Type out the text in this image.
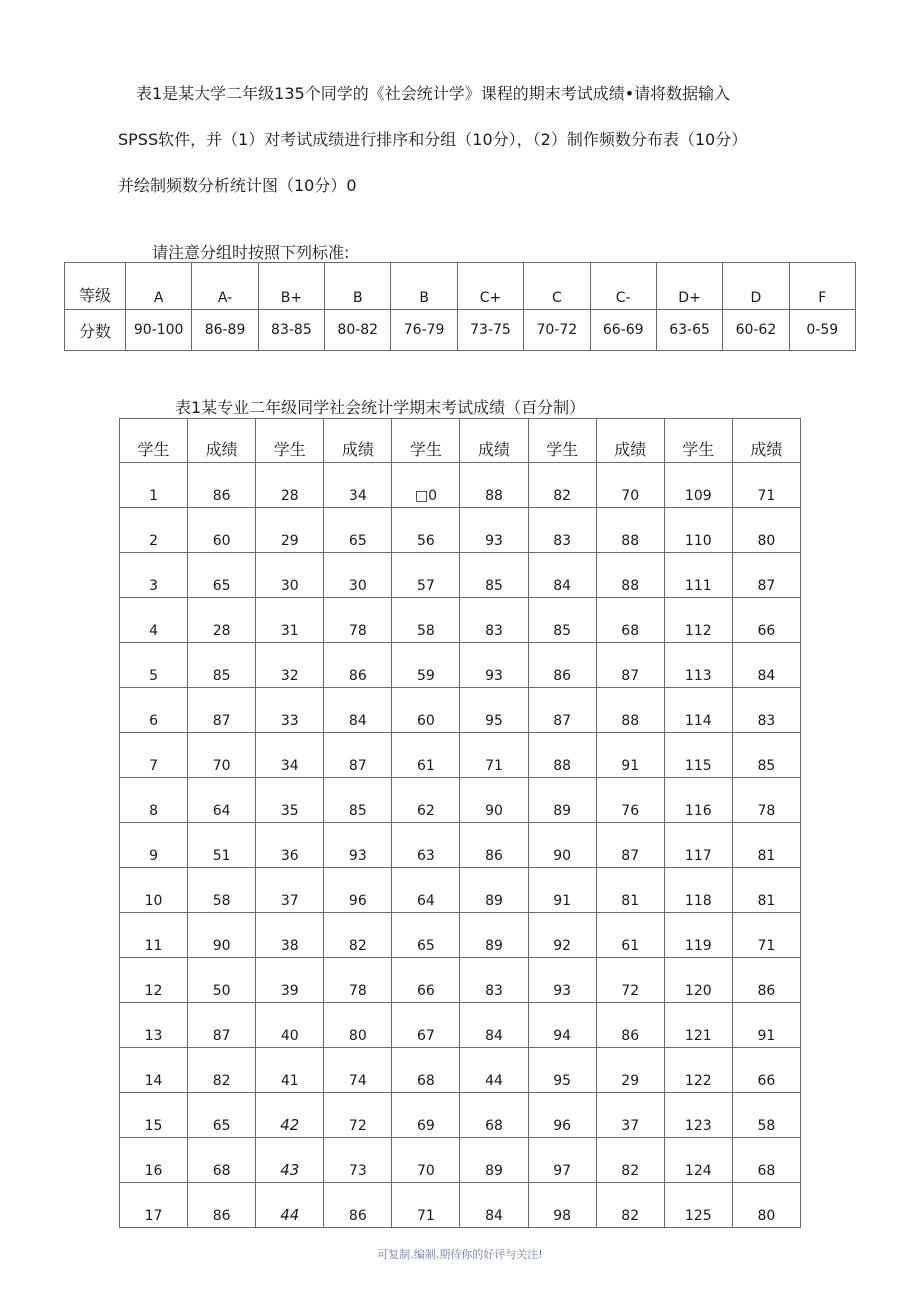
表1是某大学二年级135个同学的《社会统计学》课程的期末考试成绩•请将数据输入
SPSS软件，并（1）对考试成绩进行排序和分组（10分），（2）制作频数分布表（10分）
并绘制频数分析统计图（10分）0
请注意分组时按照下列标准:
等级	A	A-	B+	B	B	C+	C	C-	D+	D	F
分数	90-100	86-89	83-85	80-82	76-79	73-75	70-72	66-69	63-65	60-62	0-59
表1某专业二年级同学社会统计学期末考试成绩（百分制）
学生	成绩	学生	成绩	学生	成绩	学生	成绩	学生	成绩
1	86	28	34	□0	88	82	70	109	71
2	60	29	65	56	93	83	88	110	80
3	65	30	30	57	85	84	88	111	87
4	28	31	78	58	83	85	68	112	66
5	85	32	86	59	93	86	87	113	84
6	87	33	84	60	95	87	88	114	83
7	70	34	87	61	71	88	91	115	85
8	64	35	85	62	90	89	76	116	78
9	51	36	93	63	86	90	87	117	81
10	58	37	96	64	89	91	81	118	81
11	90	38	82	65	89	92	61	119	71
12	50	39	78	66	83	93	72	120	86
13	87	40	80	67	84	94	86	121	91
14	82	41	74	68	44	95	29	122	66
15	65	42	72	69	68	96	37	123	58
16	68	43	73	70	89	97	82	124	68
17	86	44	86	71	84	98	82	125	80
可复制.编制.期待你的好评与关注!
